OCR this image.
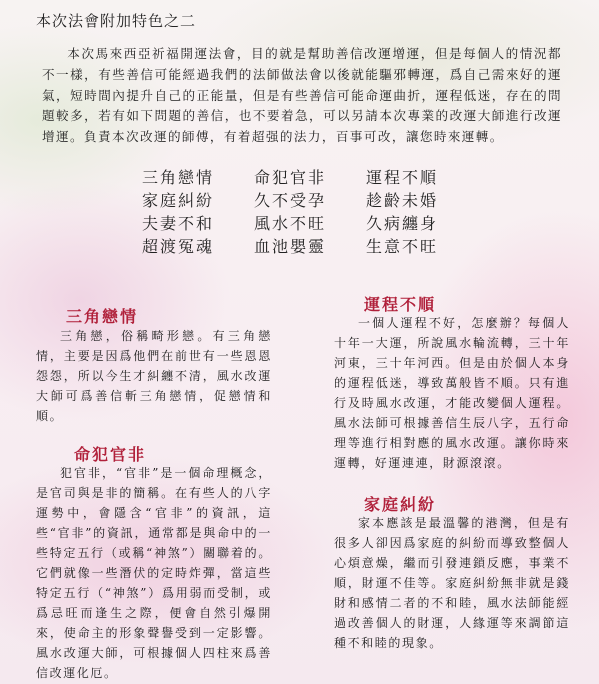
本次法會附加特色之二
本次馬來西亞祈福開運法會，目的就是幫助善信改運增運，但是每個人的情況都不一樣，有些善信可能經過我們的法師做法會以後就能驅邪轉運，爲自己需來好的運氣，短時間內提升自己的正能量，但是有些善信可能命運曲折，運程低迷，存在的問題較多，若有如下問題的善信，也不要着急，可以另請本次專業的改運大師進行改運增運。負責本次改運的師傅，有着超强的法力，百事可改，讓您時來運轉。
三角戀情	命犯官非	運程不順
家庭糾紛	久不受孕	趁齡未婚
夫妻不和	風水不旺	久病纏身
超渡冤魂	血池嬰靈	生意不旺
三角戀情
三角戀，俗稱畸形戀。有三角戀情，主要是因爲他們在前世有一些恩恩怨怨，所以今生才糾纏不清，風水改運大師可爲善信斬三角戀情，促戀情和順。
命犯官非
犯官非，“官非”是一個命理概念，是官司與是非的簡稱。在有些人的八字運勢中，會隱含“官非”的資訊，這些“官非”的資訊，通常都是與命中的一些特定五行（或稱“神煞”）關聯着的。它們就像一些潛伏的定時炸彈，當這些特定五行（“神煞”）爲用弱而受制，或爲忌旺而逢生之際，便會自然引爆開來，使命主的形象聲譽受到一定影響。風水改運大師，可根據個人四柱來爲善信改運化厄。
運程不順
一個人運程不好，怎麼辦？每個人十年一大運，所說風水輪流轉，三十年河東，三十年河西。但是由於個人本身的運程低迷，導致萬般皆不順。只有進行及時風水改運，才能改變個人運程。風水法師可根據善信生辰八字，五行命理等進行相對應的風水改運。讓你時來運轉，好運連連，財源滾滾。
家庭糾紛
家本應該是最溫馨的港灣，但是有很多人卻因爲家庭的糾紛而導致整個人心煩意燥，繼而引發連鎖反應，事業不順，財運不佳等。家庭糾紛無非就是錢財和感情二者的不和睦，風水法師能經過改善個人的財運，人緣運等來調節這種不和睦的現象。
